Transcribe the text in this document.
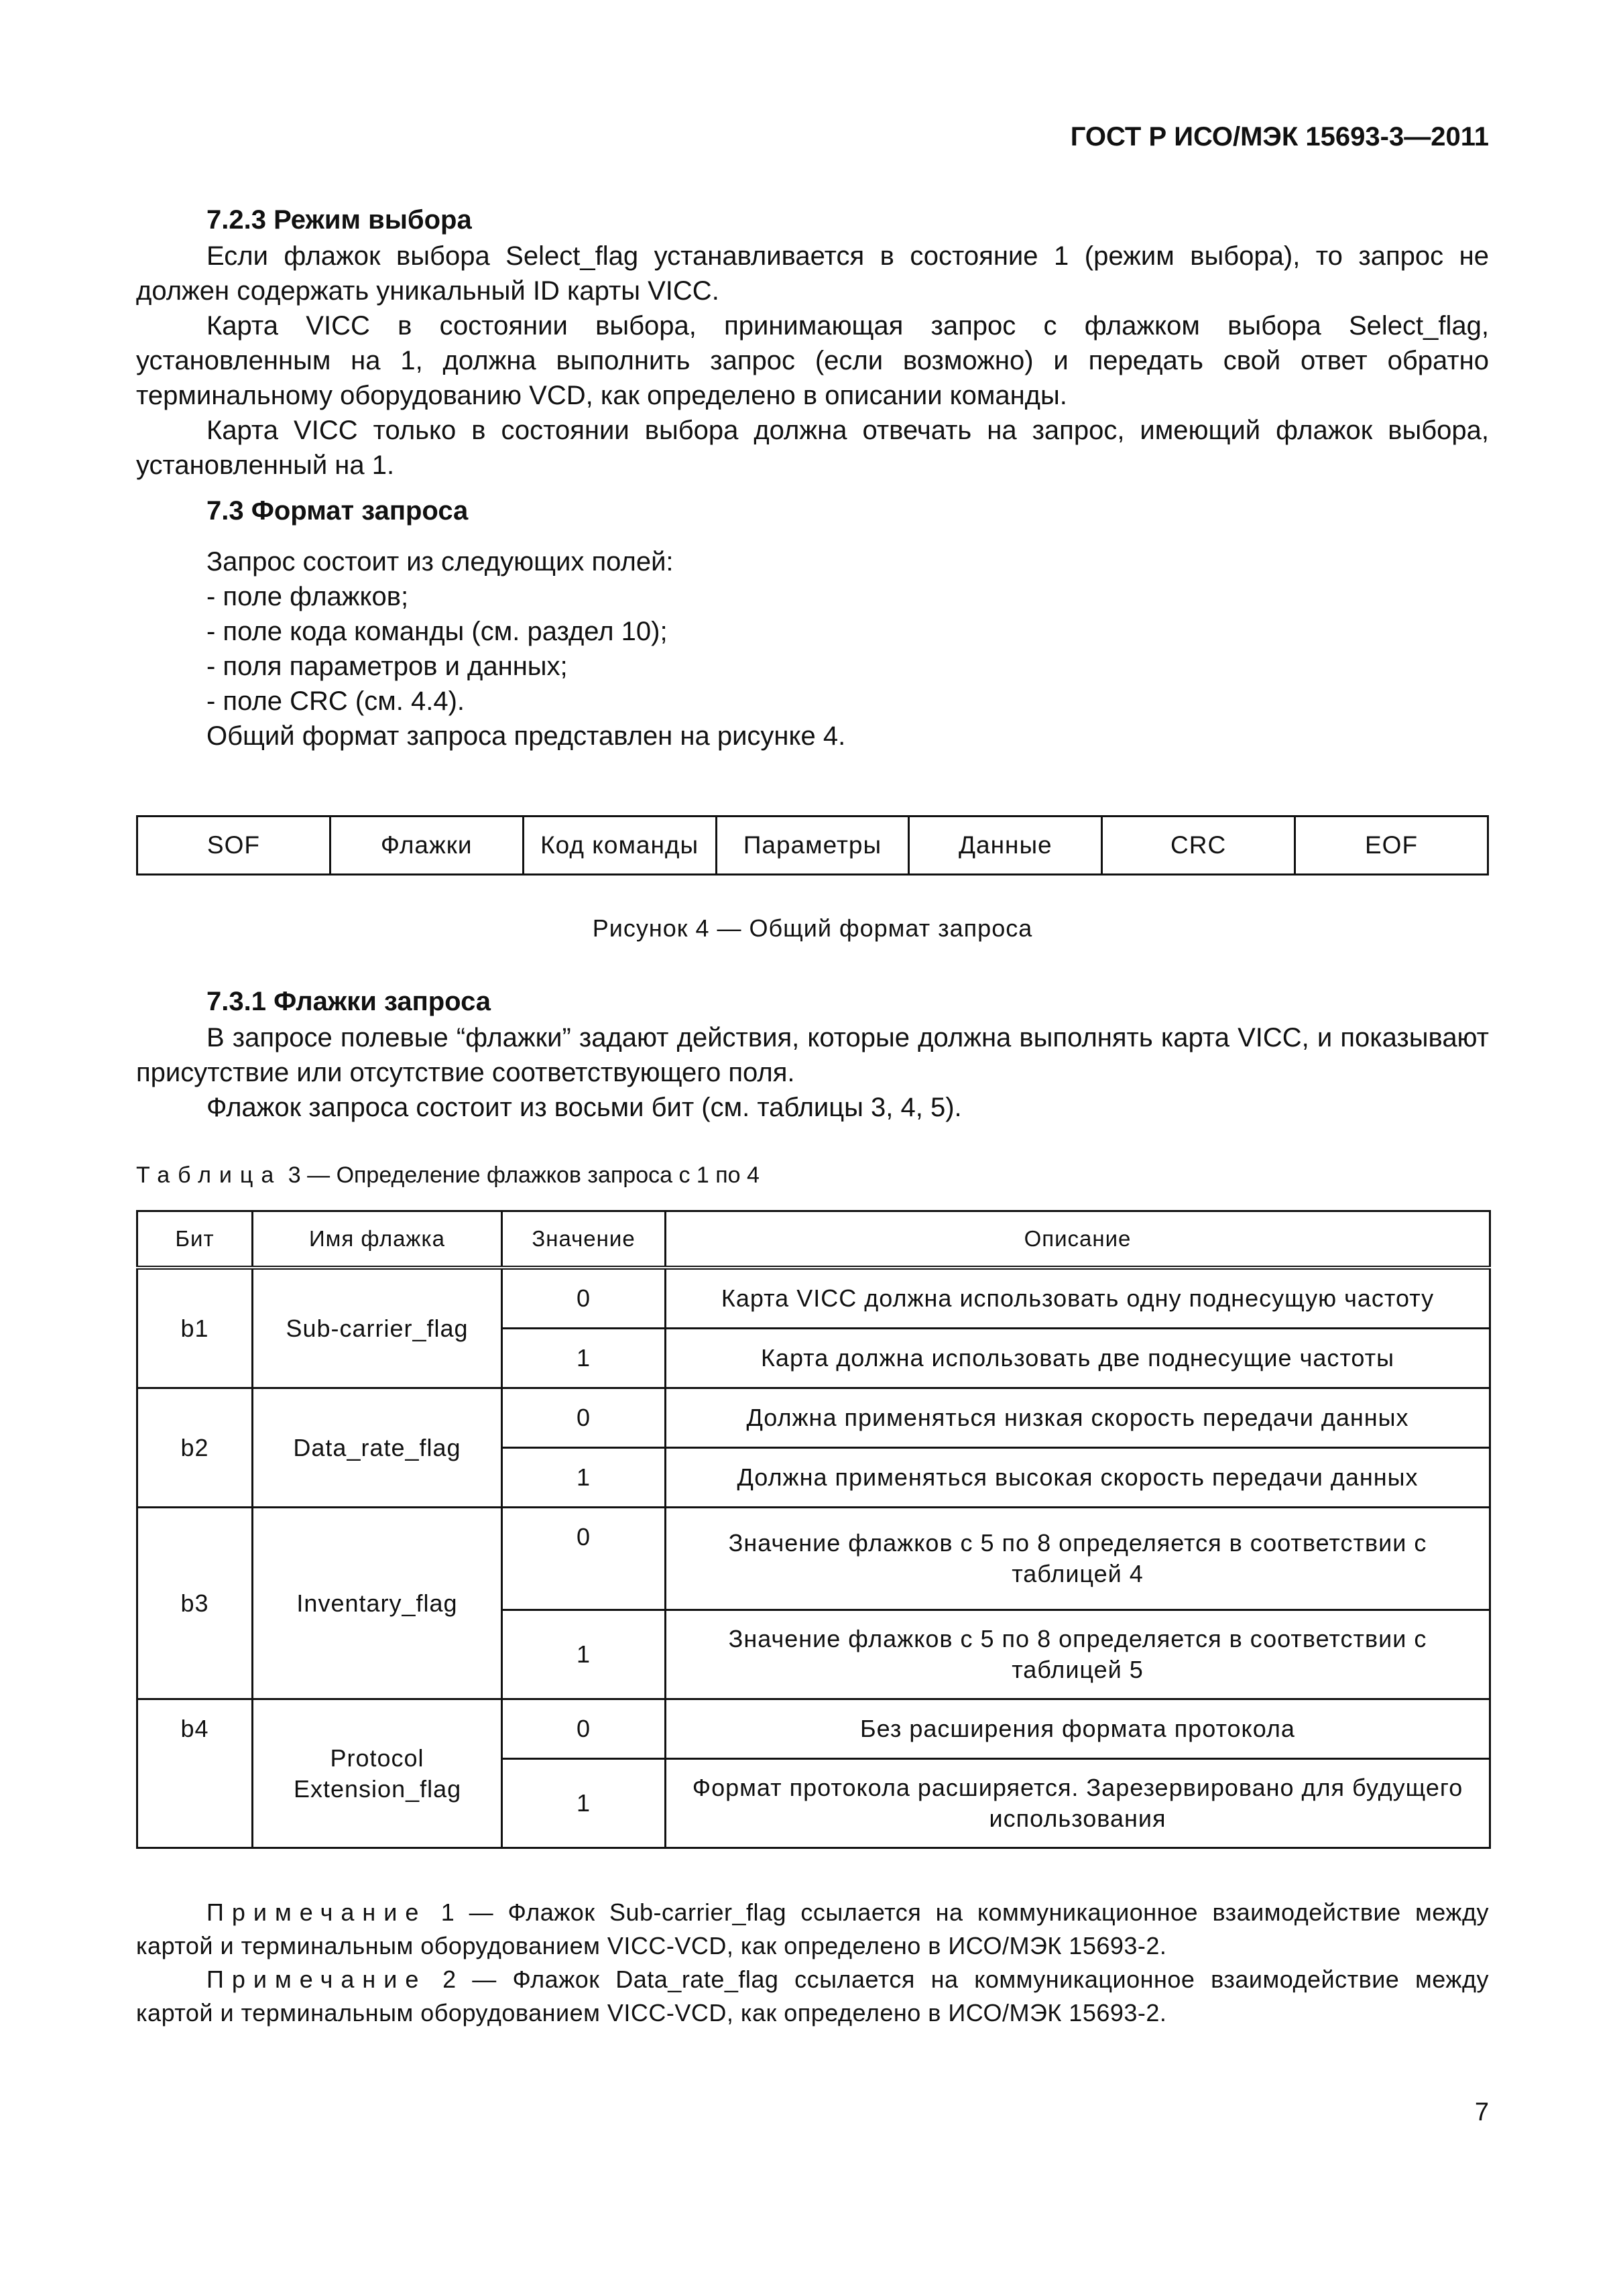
ГОСТ Р ИСО/МЭК 15693-3—2011
7.2.3 Режим выбора

Если флажок выбора Select_flag устанавливается в состояние 1 (режим выбора), то запрос не должен содержать уникальный ID карты VICC.

Карта VICC в состоянии выбора, принимающая запрос с флажком выбора Select_flag, установленным на 1, должна выполнить запрос (если возможно) и передать свой ответ обратно терминальному оборудованию VCD, как определено в описании команды.

Карта VICC только в состоянии выбора должна отвечать на запрос, имеющий флажок выбора, установленный на 1.

7.3 Формат запроса
Запрос состоит из следующих полей:
- поле флажков;
- поле кода команды (см. раздел 10);
- поля параметров и данных;
- поле CRC (см. 4.4).
Общий формат запроса представлен на рисунке 4.
SOF	Флажки	Код команды	Параметры	Данные	CRC	EOF
Рисунок 4 — Общий формат запроса
7.3.1 Флажки запроса

В запросе полевые “флажки” задают действия, которые должна выполнять карта VICC, и показывают присутствие или отсутствие соответствующего поля.

Флажок запроса состоит из восьми бит (см. таблицы 3, 4, 5).

Таблица 3 — Определение флажков запроса с 1 по 4
Бит	Имя флажка	Значение	Описание
b1	Sub-carrier_flag	0	Карта VICC должна использовать одну поднесущую частоту
		1	Карта должна использовать две поднесущие частоты
b2	Data_rate_flag	0	Должна применяться низкая скорость передачи данных
		1	Должна применяться высокая скорость передачи данных
b3	Inventary_flag	0	Значение флажков с 5 по 8 определяется в соответствии с таблицей 4
		1	Значение флажков с 5 по 8 определяется в соответствии с таблицей 5
b4	Protocol Extension_flag	0	Без расширения формата протокола
		1	Формат протокола расширяется. Зарезервировано для будущего использования
Примечание 1 — Флажок Sub-carrier_flag ссылается на коммуникационное взаимодействие между картой и терминальным оборудованием VICC-VCD, как определено в ИСО/МЭК 15693-2.
Примечание 2 — Флажок Data_rate_flag ссылается на коммуникационное взаимодействие между картой и терминальным оборудованием VICC-VCD, как определено в ИСО/МЭК 15693-2.
7
